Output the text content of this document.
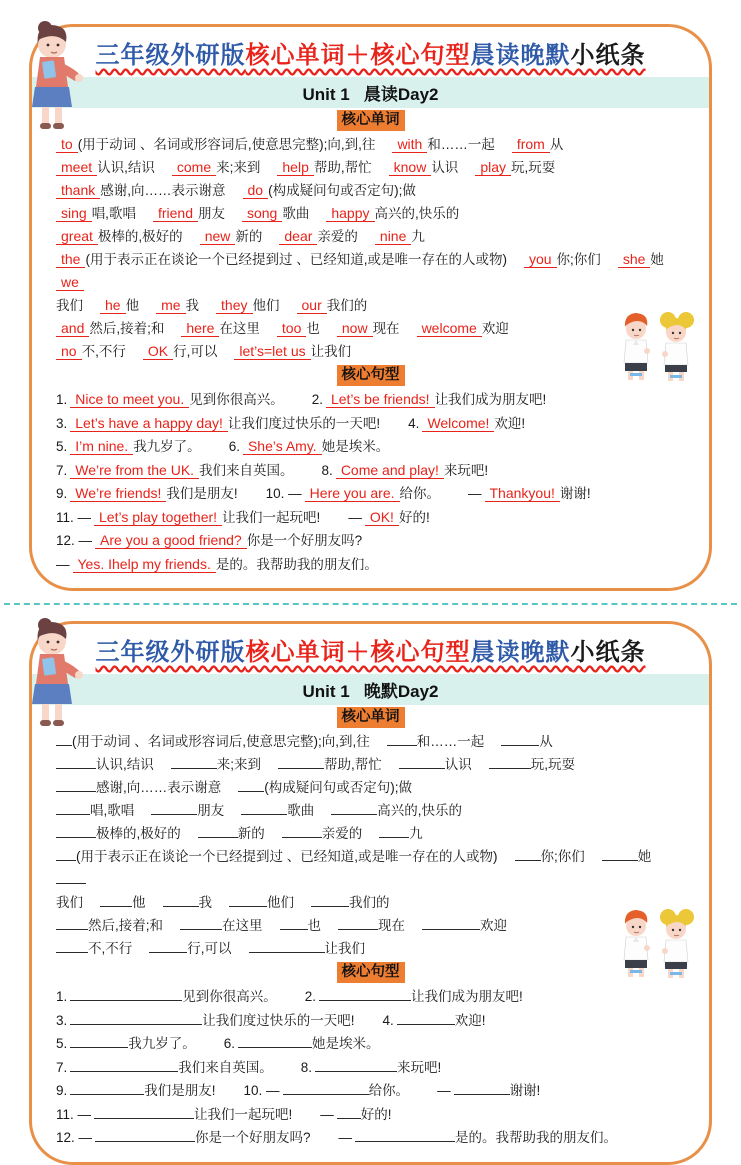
三年级外研版核心单词＋核心句型晨读晚默小纸条
Unit 1   晨读Day2
核心单词
to (用于动词 、名词或形容词后,使意思完整);向,到,往 with 和……一起 from 从
meet 认识,结识 come 来;来到 help 帮助,帮忙 know 认识 play 玩,玩耍
thank 感谢,向……表示谢意 do (构成疑问句或否定句);做
sing 唱,歌唱 friend 朋友 song 歌曲 happy 高兴的,快乐的
great 极棒的,极好的 new 新的 dear 亲爱的 nine 九
the (用于表示正在谈论一个已经提到过 、已经知道,或是唯一存在的人或物) you 你;你们 she 她we
我们 he 他 me 我 they 他们 our 我们的
and 然后,接着;和 here 在这里 too 也 now 现在 welcome 欢迎
no 不,不行 OK 行,可以 let’s=let us 让我们
核心句型
1. Nice to meet you. 见到你很高兴。 2. Let’s be friends! 让我们成为朋友吧!
3. Let’s have a happy day! 让我们度过快乐的一天吧! 4. Welcome! 欢迎!
5. I’m nine. 我九岁了。 6. She’s Amy. 她是埃米。
7. We’re from the UK. 我们来自英国。 8. Come and play! 来玩吧!
9. We’re friends! 我们是朋友! 10. — Here you are. 给你。 — Thankyou! 谢谢!
11. — Let’s play together! 让我们一起玩吧! — OK! 好的!
12. — Are you a good friend? 你是一个好朋友吗?— Yes. Ihelp my friends. 是的。我帮助我的朋友们。
三年级外研版核心单词＋核心句型晨读晚默小纸条
Unit 1   晚默Day2
核心单词
(用于动词 、名词或形容词后,使意思完整);向,到,往	和……一起	从
认识,结识	来;来到	帮助,帮忙	认识	玩,玩耍
感谢,向……表示谢意	(构成疑问句或否定句);做
唱,歌唱	朋友	歌曲	高兴的,快乐的
极棒的,极好的	新的	亲爱的	九
(用于表示正在谈论一个已经提到过 、已经知道,或是唯一存在的人或物)	你;你们	她
我们	他	我	他们	我们的
然后,接着;和	在这里	也	现在	欢迎
不,不行	行,可以	让我们
核心句型
1.	见到你很高兴。 2.	让我们成为朋友吧!
3.	让我们度过快乐的一天吧! 4.	欢迎!
5.	我九岁了。 6.	她是埃米。
7.	我们来自英国。 8.	来玩吧!
9.	我们是朋友! 10. —	给你。 —	谢谢!
11. —	让我们一起玩吧! — 好的!
12. —	你是一个好朋友吗? —	是的。我帮助我的朋友们。
